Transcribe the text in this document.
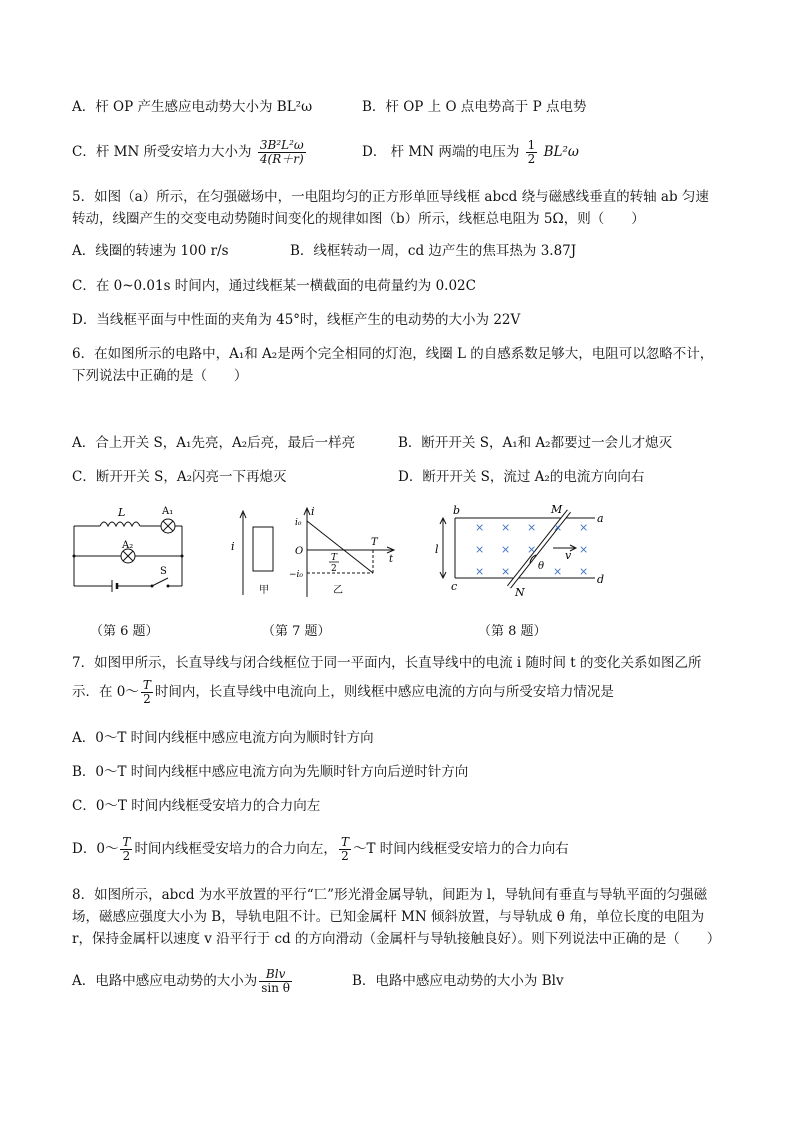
A．杆 OP 产生感应电动势大小为 BL²ω	B．杆 OP 上 O 点电势高于 P 点电势
C．杆 MN 所受安培力大小为 $\frac{\text{3B²L²ω}}{4(R+r)}$	D． 杆 MN 两端的电压为 $\frac{1}{2} BL^2\omega$
5．如图（a）所示，在匀强磁场中，一电阻均匀的正方形单匝导线框 abcd 绕与磁感线垂直的转轴 ab 匀速
转动，线圈产生的交变电动势随时间变化的规律如图（b）所示，线框总电阻为 5Ω，则（　　）
A．线圈的转速为 100 r/s	B．线框转动一周，cd 边产生的焦耳热为 3.87J
C．在 0~0.01s 时间内，通过线框某一横截面的电荷量约为 0.02C
D．当线框平面与中性面的夹角为 45°时，线框产生的电动势的大小为 22V
6．在如图所示的电路中，A₁和 A₂是两个完全相同的灯泡，线圈 L 的自感系数足够大，电阻可以忽略不计，
下列说法中正确的是（　　）
A．合上开关 S，A₁先亮，A₂后亮，最后一样亮	B．断开开关 S，A₁和 A₂都要过一会儿才熄灭
C．断开开关 S，A₂闪亮一下再熄灭	D．断开开关 S，流过 A₂的电流方向向右
L	A₁
A₂
S
（第 6 题）
i
甲	乙
i
i₀
O
T
T
2
t
−i₀
（第 7 题）
× × × × ×
× × ×	×
× ×	× ×
b	M
a
l	v
θ
c	N
d
（第 8 题）
7．如图甲所示，长直导线与闭合线框位于同一平面内，长直导线中的电流 i 随时间 t 的变化关系如图乙所
示．在 0～ $\frac{T}{2}$ 时间内，长直导线中电流向上，则线框中感应电流的方向与所受安培力情况是
A．0～T 时间内线框中感应电流方向为顺时针方向
B．0～T 时间内线框中感应电流方向为先顺时针方向后逆时针方向
C．0～T 时间内线框受安培力的合力向左
D．0～ $\frac{T}{2}$ 时间内线框受安培力的合力向左， $\frac{T}{2}$ ～T 时间内线框受安培力的合力向右
8．如图所示，abcd 为水平放置的平行“匸”形光滑金属导轨，间距为 l，导轨间有垂直与导轨平面的匀强磁
场，磁感应强度大小为 B，导轨电阻不计。已知金属杆 MN 倾斜放置，与导轨成 θ 角，单位长度的电阻为
r，保持金属杆以速度 v 沿平行于 cd 的方向滑动（金属杆与导轨接触良好）。则下列说法中正确的是（　　）
A．电路中感应电动势的大小为 $\frac{\text{Blv}}{\text{sin θ}}$	B．电路中感应电动势的大小为 Blv
